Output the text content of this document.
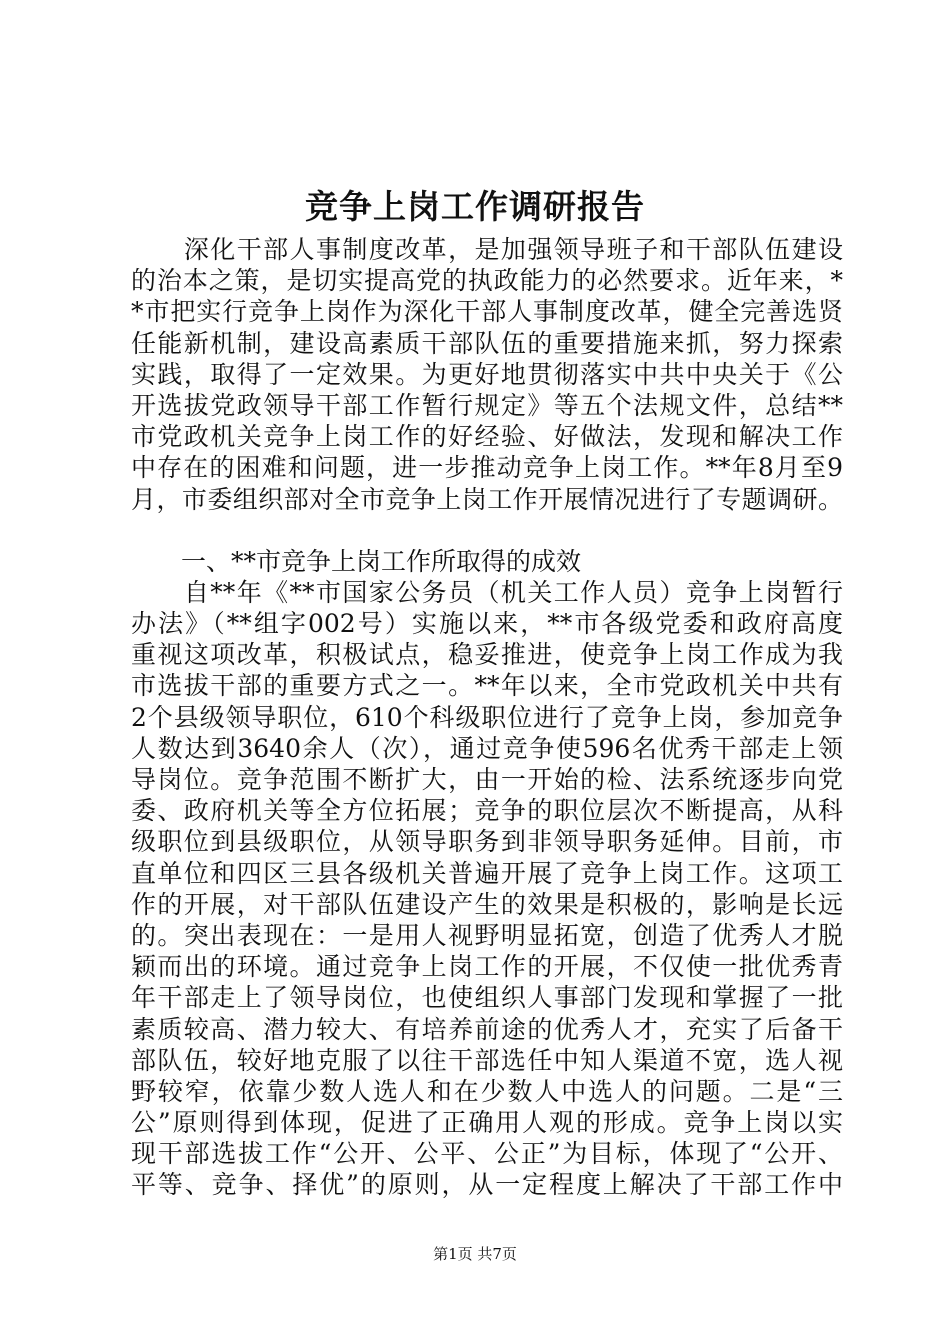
竞争上岗工作调研报告
　　深化干部人事制度改革，是加强领导班子和干部队伍建设
的治本之策，是切实提高党的执政能力的必然要求。近年来，*
*市把实行竞争上岗作为深化干部人事制度改革，健全完善选贤
任能新机制，建设高素质干部队伍的重要措施来抓，努力探索
实践，取得了一定效果。为更好地贯彻落实中共中央关于《公
开选拔党政领导干部工作暂行规定》等五个法规文件，总结**
市党政机关竞争上岗工作的好经验、好做法，发现和解决工作
中存在的困难和问题，进一步推动竞争上岗工作。**年8月至9
月，市委组织部对全市竞争上岗工作开展情况进行了专题调研。
　　一、**市竞争上岗工作所取得的成效
　　自**年《**市国家公务员（机关工作人员）竞争上岗暂行
办法》（**组字002号）实施以来，**市各级党委和政府高度
重视这项改革，积极试点，稳妥推进，使竞争上岗工作成为我
市选拔干部的重要方式之一。**年以来，全市党政机关中共有
2个县级领导职位，610个科级职位进行了竞争上岗，参加竞争
人数达到3640余人（次），通过竞争使596名优秀干部走上领
导岗位。竞争范围不断扩大，由一开始的检、法系统逐步向党
委、政府机关等全方位拓展；竞争的职位层次不断提高，从科
级职位到县级职位，从领导职务到非领导职务延伸。目前，市
直单位和四区三县各级机关普遍开展了竞争上岗工作。这项工
作的开展，对干部队伍建设产生的效果是积极的，影响是长远
的。突出表现在：一是用人视野明显拓宽，创造了优秀人才脱
颖而出的环境。通过竞争上岗工作的开展，不仅使一批优秀青
年干部走上了领导岗位，也使组织人事部门发现和掌握了一批
素质较高、潜力较大、有培养前途的优秀人才，充实了后备干
部队伍，较好地克服了以往干部选任中知人渠道不宽，选人视
野较窄，依靠少数人选人和在少数人中选人的问题。二是“三
公”原则得到体现，促进了正确用人观的形成。竞争上岗以实
现干部选拔工作“公开、公平、公正”为目标，体现了“公开、
平等、竞争、择优”的原则，从一定程度上解决了干部工作中
第1页 共7页
